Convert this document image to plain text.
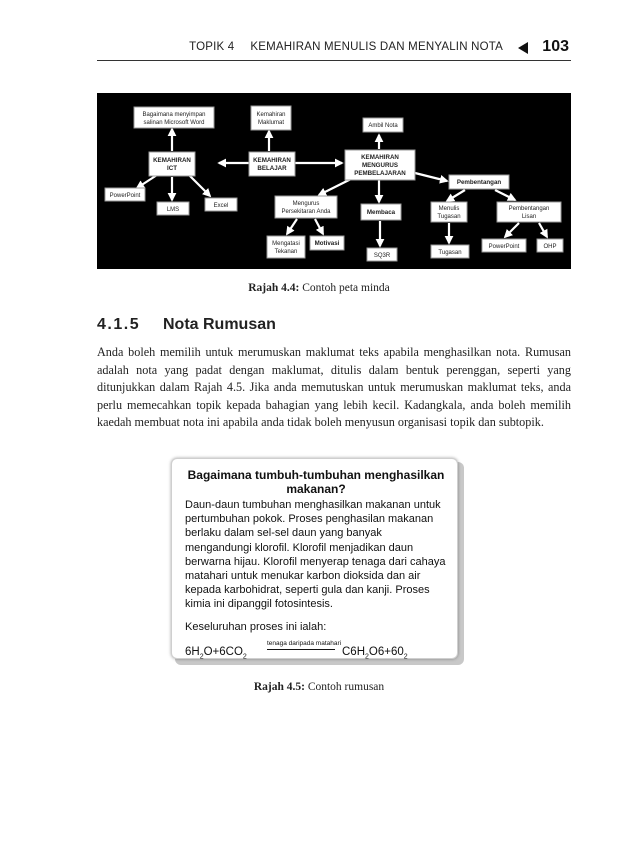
TOPIK 4 KEMAHIRAN MENULIS DAN MENYALIN NOTA 103
Bagaimana menyimpan
salinan Microsoft Word
KEMAHIRAN
ICT
PowerPoint
LMS
Excel
Kemahiran
Maklumat
KEMAHIRAN
BELAJAR
Ambil Nota
KEMAHIRAN
MENGURUS
PEMBELAJARAN
Mengurus
Persekitaran Anda
Mengatasi
Tekanan
Motivasi
Membaca
SQ3R
Pembentangan
Menulis
Tugasan
Tugasan
Pembentangan
Lisan
PowerPoint	OHP
Rajah 4.4: Contoh peta minda
4.1.5 Nota Rumusan

Anda boleh memilih untuk merumuskan maklumat teks apabila menghasilkan nota. Rumusan adalah nota yang padat dengan maklumat, ditulis dalam bentuk perenggan, seperti yang ditunjukkan dalam Rajah 4.5. Jika anda memutuskan untuk merumuskan maklumat teks, anda perlu memecahkan topik kepada bahagian yang lebih kecil. Kadangkala, anda boleh memilih kaedah membuat nota ini apabila anda tidak boleh menyusun organisasi topik dan subtopik.

Bagaimana tumbuh-tumbuhan menghasilkan makanan?

Daun-daun tumbuhan menghasilkan makanan untuk pertumbuhan pokok. Proses penghasilan makanan berlaku dalam sel-sel daun yang banyak mengandungi klorofil. Klorofil menjadikan daun berwarna hijau. Klorofil menyerap tenaga dari cahaya matahari untuk menukar karbon dioksida dan air kepada karbohidrat, seperti gula dan kanji. Proses kimia ini dipanggil fotosintesis.

Keseluruhan proses ini ialah:

$6H_2O+6CO_2$
tenaga daripada matahari
$C6H_2O6+60_2$
Rajah 4.5: Contoh rumusan
